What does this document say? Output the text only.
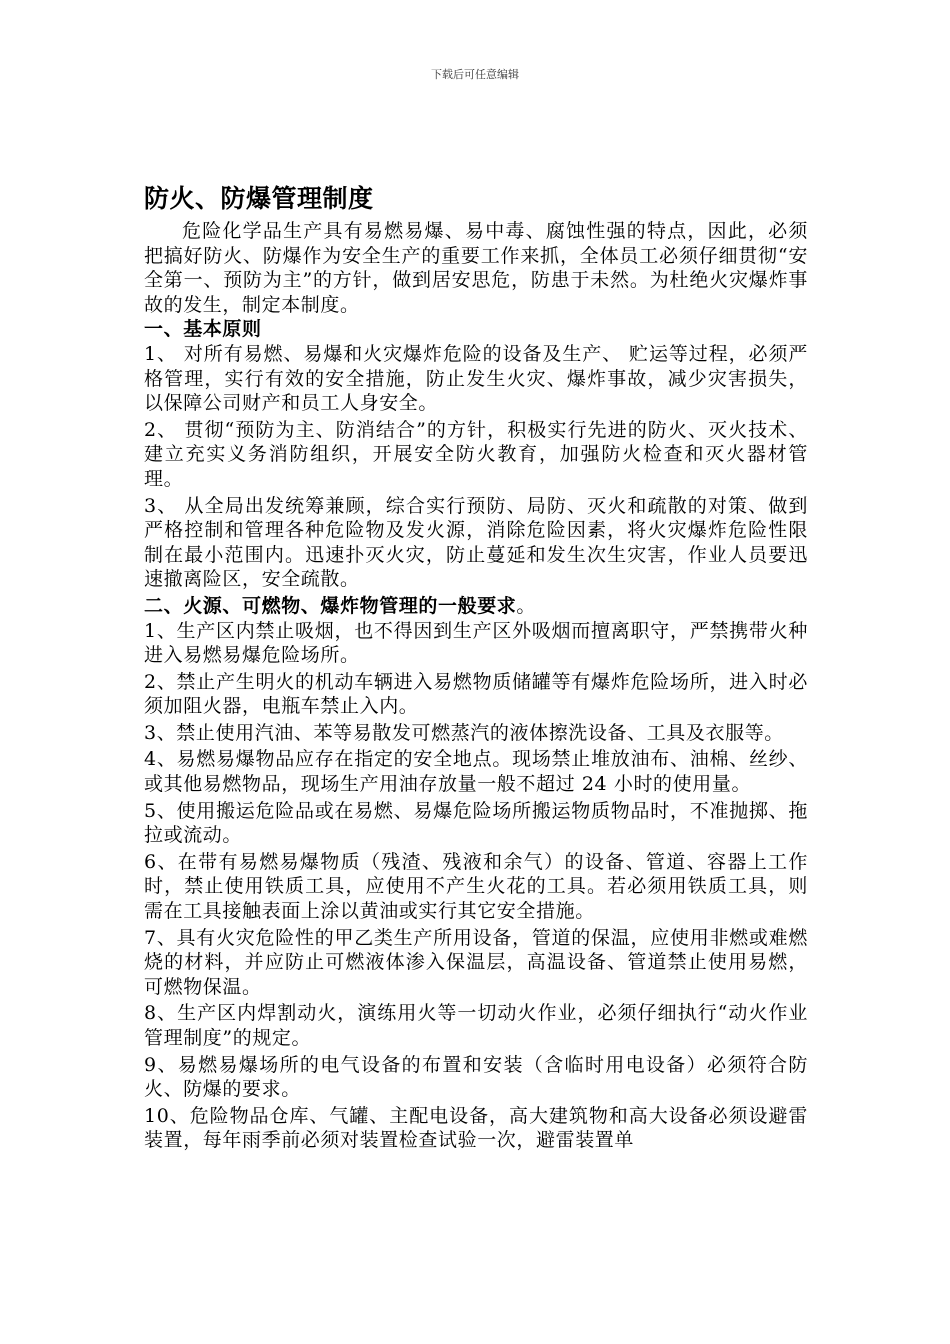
下载后可任意编辑
防火、防爆管理制度

危险化学品生产具有易燃易爆、易中毒、腐蚀性强的特点，因此，必须把搞好防火、防爆作为安全生产的重要工作来抓，全体员工必须仔细贯彻“安全第一、预防为主”的方针，做到居安思危，防患于未然。为杜绝火灾爆炸事故的发生，制定本制度。

一、基本原则

1、 对所有易燃、易爆和火灾爆炸危险的设备及生产、 贮运等过程，必须严格管理，实行有效的安全措施，防止发生火灾、爆炸事故，减少灾害损失，以保障公司财产和员工人身安全。

2、 贯彻“预防为主、防消结合”的方针，积极实行先进的防火、灭火技术、建立充实义务消防组织，开展安全防火教育，加强防火检查和灭火器材管理。

3、 从全局出发统筹兼顾，综合实行预防、局防、灭火和疏散的对策、做到严格控制和管理各种危险物及发火源，消除危险因素，将火灾爆炸危险性限制在最小范围内。迅速扑灭火灾，防止蔓延和发生次生灾害，作业人员要迅速撤离险区，安全疏散。

二、火源、可燃物、爆炸物管理的一般要求。

1、生产区内禁止吸烟，也不得因到生产区外吸烟而擅离职守，严禁携带火种进入易燃易爆危险场所。

2、禁止产生明火的机动车辆进入易燃物质储罐等有爆炸危险场所，进入时必须加阻火器，电瓶车禁止入内。

3、禁止使用汽油、苯等易散发可燃蒸汽的液体擦洗设备、工具及衣服等。

4、易燃易爆物品应存在指定的安全地点。现场禁止堆放油布、油棉、丝纱、或其他易燃物品，现场生产用油存放量一般不超过 24 小时的使用量。

5、使用搬运危险品或在易燃、易爆危险场所搬运物质物品时，不准抛掷、拖拉或流动。

6、在带有易燃易爆物质（残渣、残液和余气）的设备、管道、容器上工作时，禁止使用铁质工具，应使用不产生火花的工具。若必须用铁质工具，则需在工具接触表面上涂以黄油或实行其它安全措施。

7、具有火灾危险性的甲乙类生产所用设备，管道的保温，应使用非燃或难燃烧的材料，并应防止可燃液体渗入保温层，高温设备、管道禁止使用易燃，可燃物保温。

8、生产区内焊割动火，演练用火等一切动火作业，必须仔细执行“动火作业管理制度”的规定。

9、易燃易爆场所的电气设备的布置和安装（含临时用电设备）必须符合防火、防爆的要求。

10、危险物品仓库、气罐、主配电设备，高大建筑物和高大设备必须设避雷装置，每年雨季前必须对装置检查试验一次，避雷装置单
